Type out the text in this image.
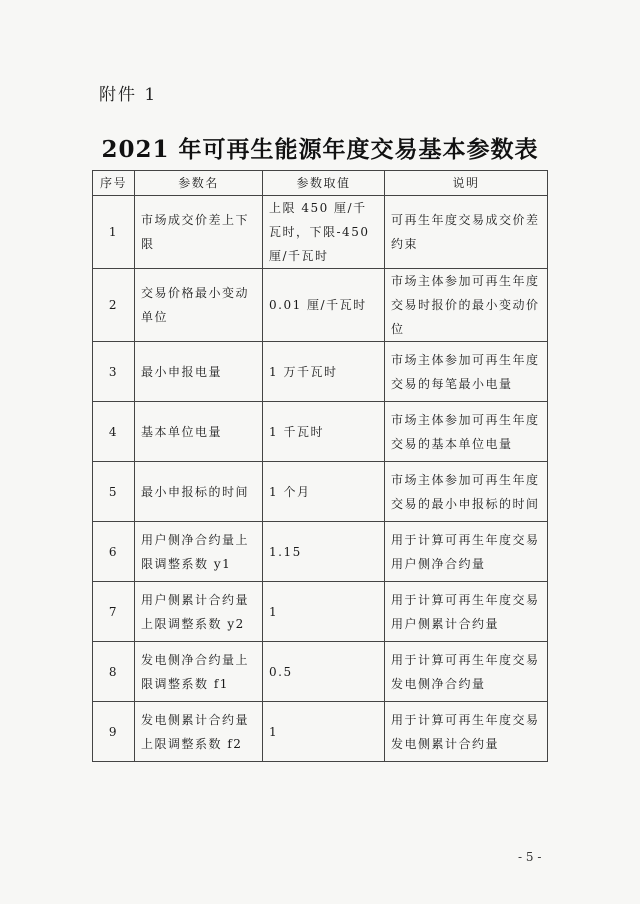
附件 1
2021 年可再生能源年度交易基本参数表
序号	参数名	参数取值	说明
1	市场成交价差上下限	上限 450 厘/千瓦时，下限-450 厘/千瓦时	可再生年度交易成交价差约束
2	交易价格最小变动单位	0.01 厘/千瓦时	市场主体参加可再生年度交易时报价的最小变动价位
3	最小申报电量	1 万千瓦时	市场主体参加可再生年度交易的每笔最小电量
4	基本单位电量	1 千瓦时	市场主体参加可再生年度交易的基本单位电量
5	最小申报标的时间	1 个月	市场主体参加可再生年度交易的最小申报标的时间
6	用户侧净合约量上限调整系数 y1	1.15	用于计算可再生年度交易用户侧净合约量
7	用户侧累计合约量上限调整系数 y2	1	用于计算可再生年度交易用户侧累计合约量
8	发电侧净合约量上限调整系数 f1	0.5	用于计算可再生年度交易发电侧净合约量
9	发电侧累计合约量上限调整系数 f2	1	用于计算可再生年度交易发电侧累计合约量
- 5 -
